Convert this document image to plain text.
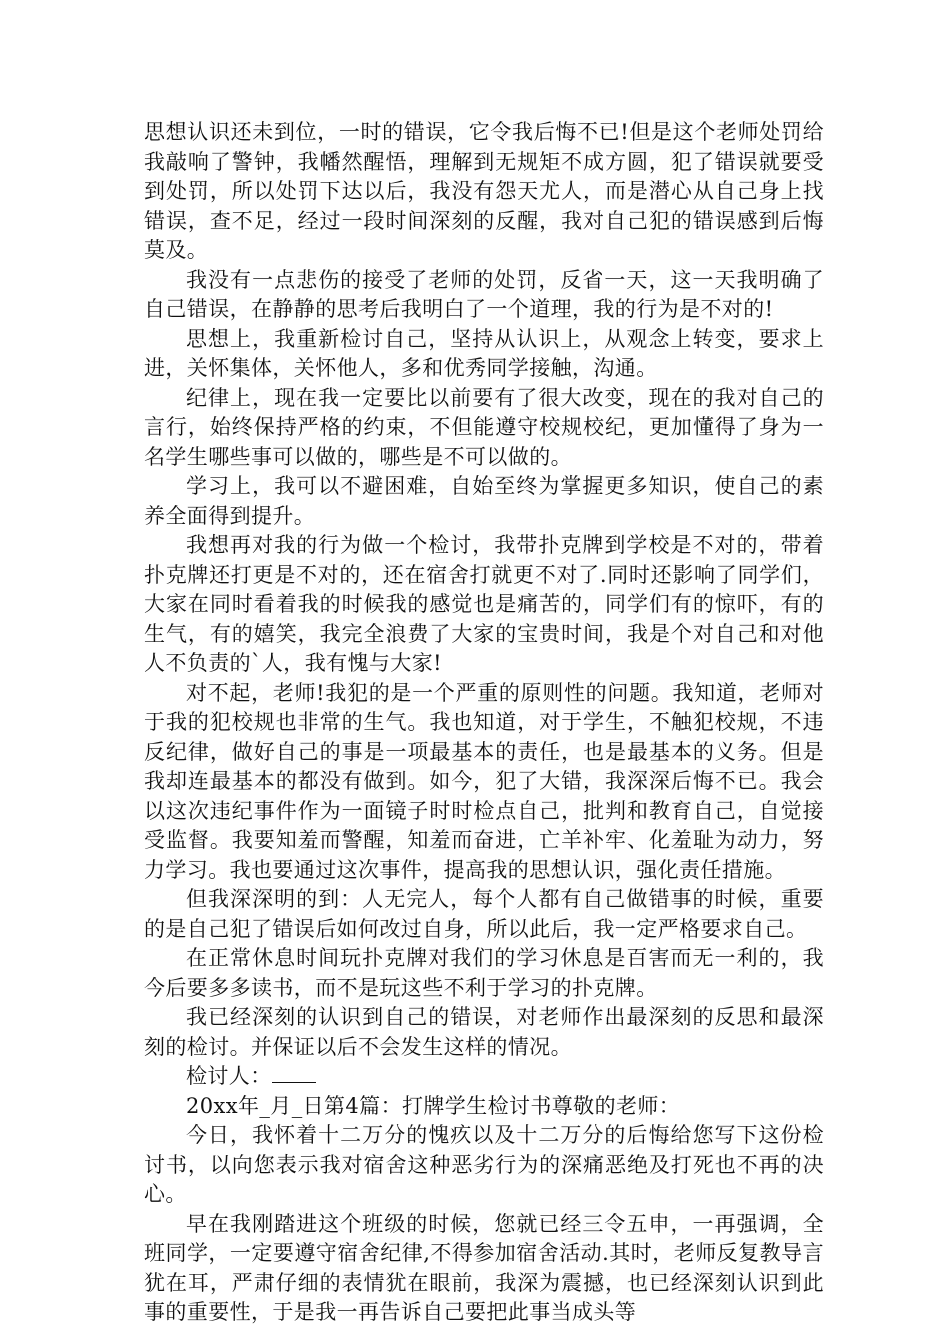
思想认识还未到位，一时的错误，它令我后悔不已!但是这个老师处罚给我敲响了警钟，我幡然醒悟，理解到无规矩不成方圆，犯了错误就要受到处罚，所以处罚下达以后，我没有怨天尤人，而是潜心从自己身上找错误，查不足，经过一段时间深刻的反醒，我对自己犯的错误感到后悔莫及。

我没有一点悲伤的接受了老师的处罚，反省一天，这一天我明确了自己错误，在静静的思考后我明白了一个道理，我的行为是不对的!

思想上，我重新检讨自己，坚持从认识上，从观念上转变，要求上进，关怀集体，关怀他人，多和优秀同学接触，沟通。

纪律上，现在我一定要比以前要有了很大改变，现在的我对自己的言行，始终保持严格的约束，不但能遵守校规校纪，更加懂得了身为一名学生哪些事可以做的，哪些是不可以做的。

学习上，我可以不避困难，自始至终为掌握更多知识，使自己的素养全面得到提升。

我想再对我的行为做一个检讨，我带扑克牌到学校是不对的，带着扑克牌还打更是不对的，还在宿舍打就更不对了.同时还影响了同学们，大家在同时看着我的时候我的感觉也是痛苦的，同学们有的惊吓，有的生气，有的嬉笑，我完全浪费了大家的宝贵时间，我是个对自己和对他人不负责的`人，我有愧与大家!

对不起，老师!我犯的是一个严重的原则性的问题。我知道，老师对于我的犯校规也非常的生气。我也知道，对于学生，不触犯校规，不违反纪律，做好自己的事是一项最基本的责任，也是最基本的义务。但是我却连最基本的都没有做到。如今，犯了大错，我深深后悔不已。我会以这次违纪事件作为一面镜子时时检点自己，批判和教育自己，自觉接受监督。我要知羞而警醒，知羞而奋进，亡羊补牢、化羞耻为动力，努力学习。我也要通过这次事件，提高我的思想认识，强化责任措施。

但我深深明的到：人无完人，每个人都有自己做错事的时候，重要的是自己犯了错误后如何改过自身，所以此后，我一定严格要求自己。

在正常休息时间玩扑克牌对我们的学习休息是百害而无一利的，我今后要多多读书，而不是玩这些不利于学习的扑克牌。

我已经深刻的认识到自己的错误，对老师作出最深刻的反思和最深刻的检讨。并保证以后不会发生这样的情况。

检讨人：

20xx年_月_日第4篇：打牌学生检讨书尊敬的老师：

今日，我怀着十二万分的愧疚以及十二万分的后悔给您写下这份检讨书，以向您表示我对宿舍这种恶劣行为的深痛恶绝及打死也不再的决心。

早在我刚踏进这个班级的时候，您就已经三令五申，一再强调，全班同学，一定要遵守宿舍纪律,不得参加宿舍活动.其时，老师反复教导言犹在耳，严肃仔细的表情犹在眼前，我深为震撼，也已经深刻认识到此事的重要性，于是我一再告诉自己要把此事当成头等
